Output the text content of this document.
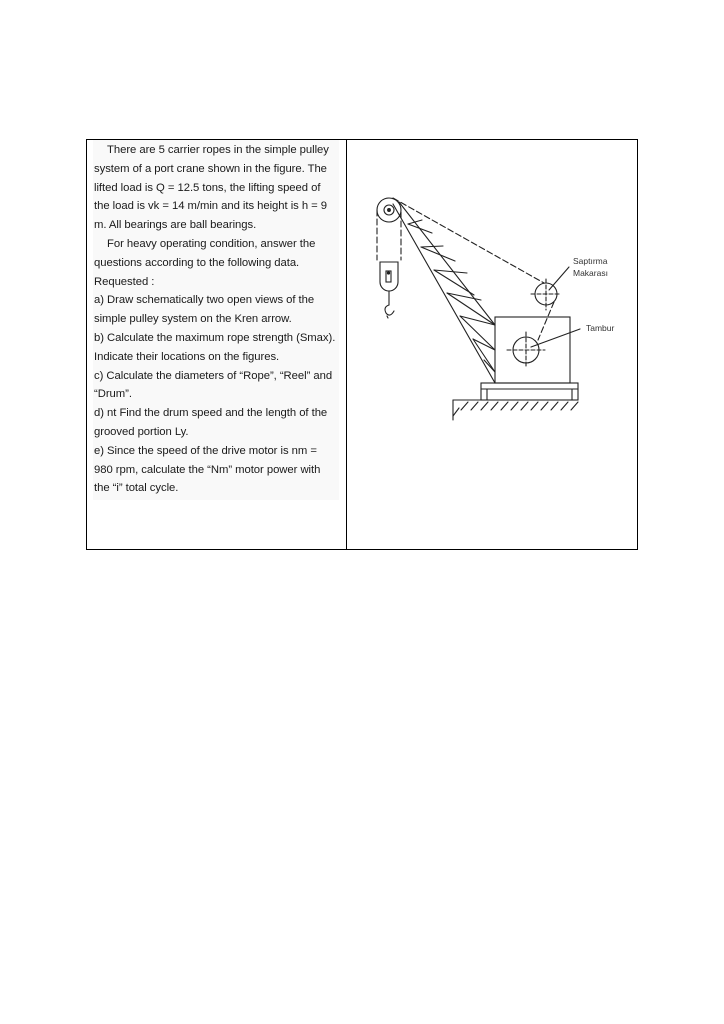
There are 5 carrier ropes in the simple pulley system of a port crane shown in the figure. The lifted load is Q = 12.5 tons, the lifting speed of the load is vk = 14 m/min and its height is h = 9 m. All bearings are ball bearings.

For heavy operating condition, answer the questions according to the following data.

Requested :

a) Draw schematically two open views of the simple pulley system on the Kren arrow.

b) Calculate the maximum rope strength (Smax). Indicate their locations on the figures.

c) Calculate the diameters of “Rope”, “Reel” and “Drum”.

d) nt Find the drum speed and the length of the grooved portion Ly.

e) Since the speed of the drive motor is nm = 980 rpm, calculate the “Nm” motor power with the “i” total cycle.

Saptırma
Makarası
Tambur
